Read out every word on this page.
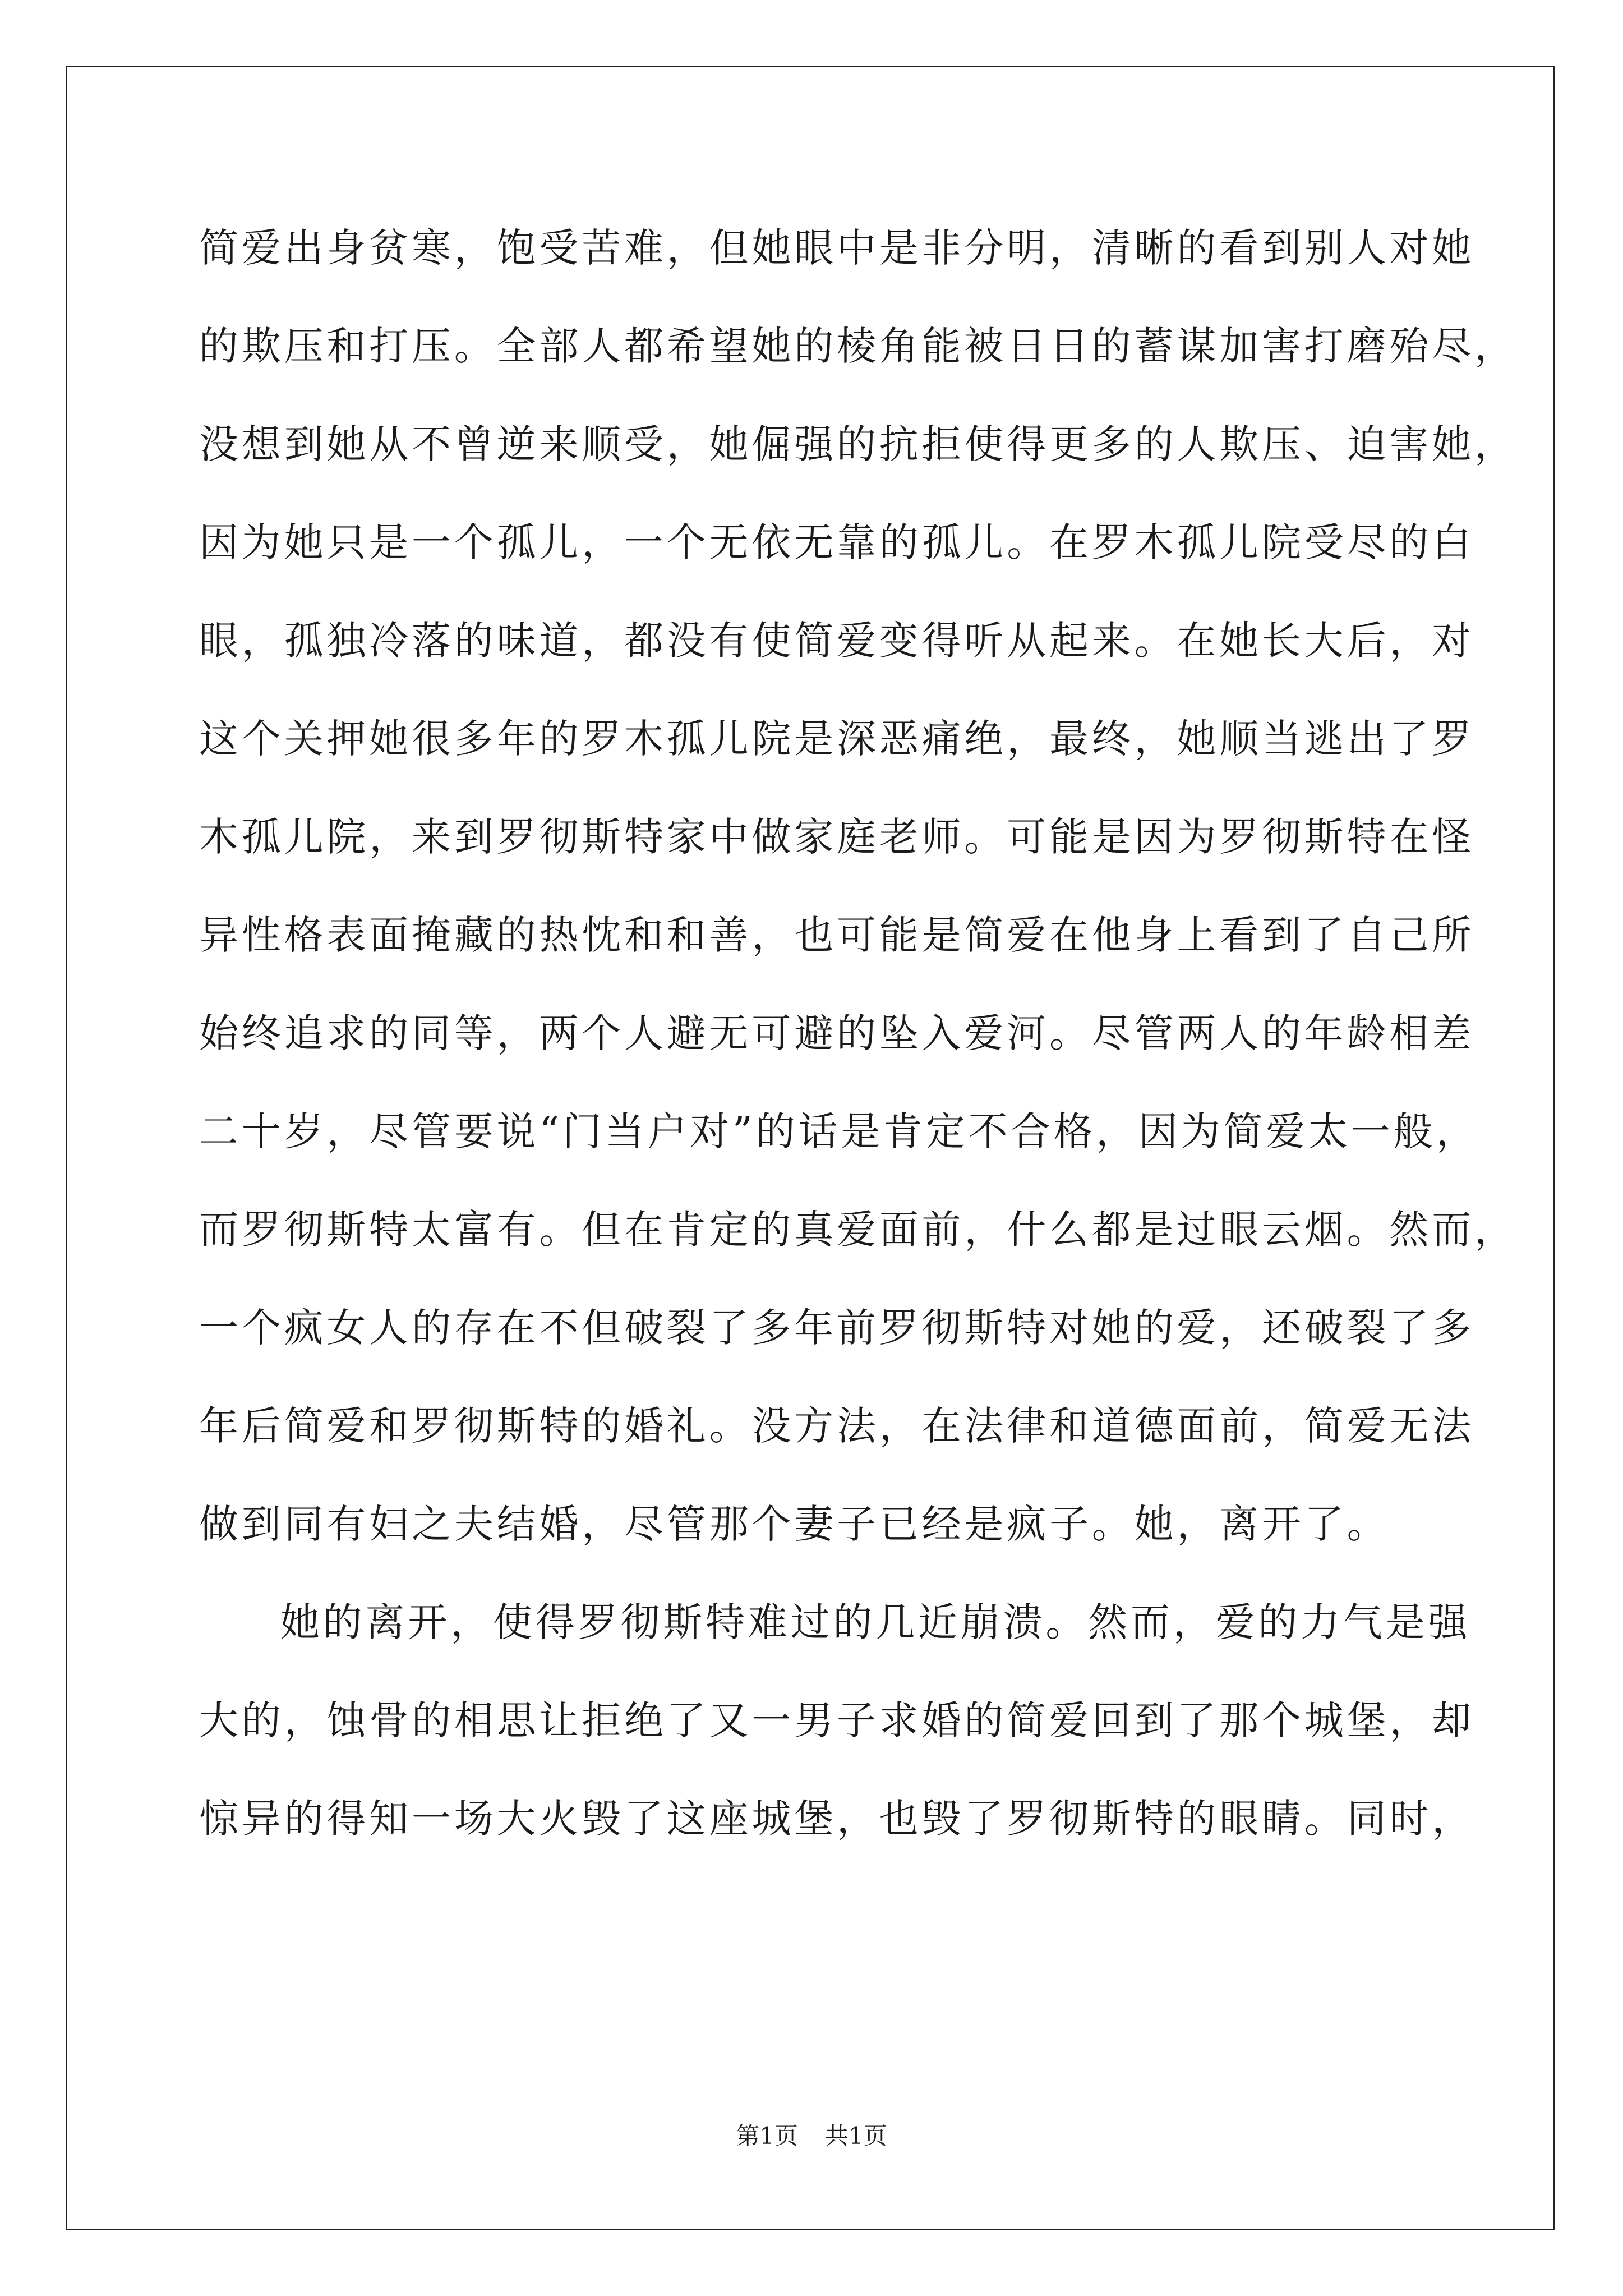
简爱出身贫寒，饱受苦难，但她眼中是非分明，清晰的看到别人对她
的欺压和打压。全部人都希望她的棱角能被日日的蓄谋加害打磨殆尽，
没想到她从不曾逆来顺受，她倔强的抗拒使得更多的人欺压、迫害她，
因为她只是一个孤儿，一个无依无靠的孤儿。在罗木孤儿院受尽的白
眼，孤独冷落的味道，都没有使简爱变得听从起来。在她长大后，对
这个关押她很多年的罗木孤儿院是深恶痛绝，最终，她顺当逃出了罗
木孤儿院，来到罗彻斯特家中做家庭老师。可能是因为罗彻斯特在怪
异性格表面掩藏的热忱和和善，也可能是简爱在他身上看到了自己所
始终追求的同等，两个人避无可避的坠入爱河。尽管两人的年龄相差
二十岁，尽管要说“门当户对”的话是肯定不合格，因为简爱太一般，
而罗彻斯特太富有。但在肯定的真爱面前，什么都是过眼云烟。然而，
一个疯女人的存在不但破裂了多年前罗彻斯特对她的爱，还破裂了多
年后简爱和罗彻斯特的婚礼。没方法，在法律和道德面前，简爱无法
做到同有妇之夫结婚，尽管那个妻子已经是疯子。她，离开了。
她的离开，使得罗彻斯特难过的几近崩溃。然而，爱的力气是强
大的，蚀骨的相思让拒绝了又一男子求婚的简爱回到了那个城堡，却
惊异的得知一场大火毁了这座城堡，也毁了罗彻斯特的眼睛。同时，
第1页 共1页
